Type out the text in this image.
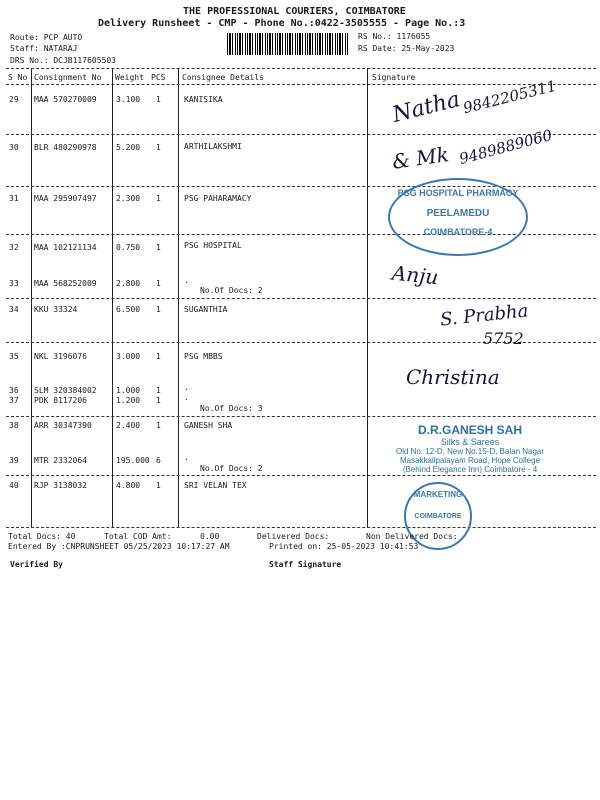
THE PROFESSIONAL COURIERS, COIMBATORE
Delivery Runsheet - CMP - Phone No.:0422-3505555 - Page No.:3
Route: PCP AUTO
Staff: NATARAJ
DRS No.: DCJB117605503
RS No.: 1176055
RS Date: 25-May-2023
S No Consignment No Weight PCS Consignee Details	Signature
29 MAA 570270009 3.100 1	KANISIKA
30 BLR 480290978 5.200 1	ARTHILAKSHMI
31 MAA 295907497 2.300 1	PSG PAHARAMACY
32 MAA 102121134 0.750 1	PSG HOSPITAL
33 MAA 568252009 2.800 1	.
No.Of Docs: 2
34 KKU 33324	6.500 1	SUGANTHIA
35 NKL 3196076	3.000 1	PSG MBBS
36 SLM 320384002 1.000 1	.
37 PDK 8117206	1.200 1	.
No.Of Docs: 3
38 ARR 30347390	2.400 1	GANESH SHA
39 MTR 2332064	195.000 6	.
No.Of Docs: 2
40 RJP 3138032	4.800 1	SRI VELAN TEX
Natha
9842205311
& Mk 9489889060
PSG HOSPITAL PHARMACY
PEELAMEDU
COIMBATORE-4
Anju
S. Prabha
5752
Christina
D.R.GANESH SAH
Silks & Sarees
Old No. 12-D, New No.15-D, Balan Nagar
Masakkalipalayam Road, Hope College
(Behind Elegance Inn) Coimbatore - 4
MARKETING
COIMBATORE
Total Docs: 40	Total COD Amt:	0.00	Delivered Docs:	Non Delivered Docs:
Entered By :CNPRUNSHEET 05/25/2023 10:17:27 AM	Printed on: 25-05-2023 10:41:53
Verified By	Staff Signature
